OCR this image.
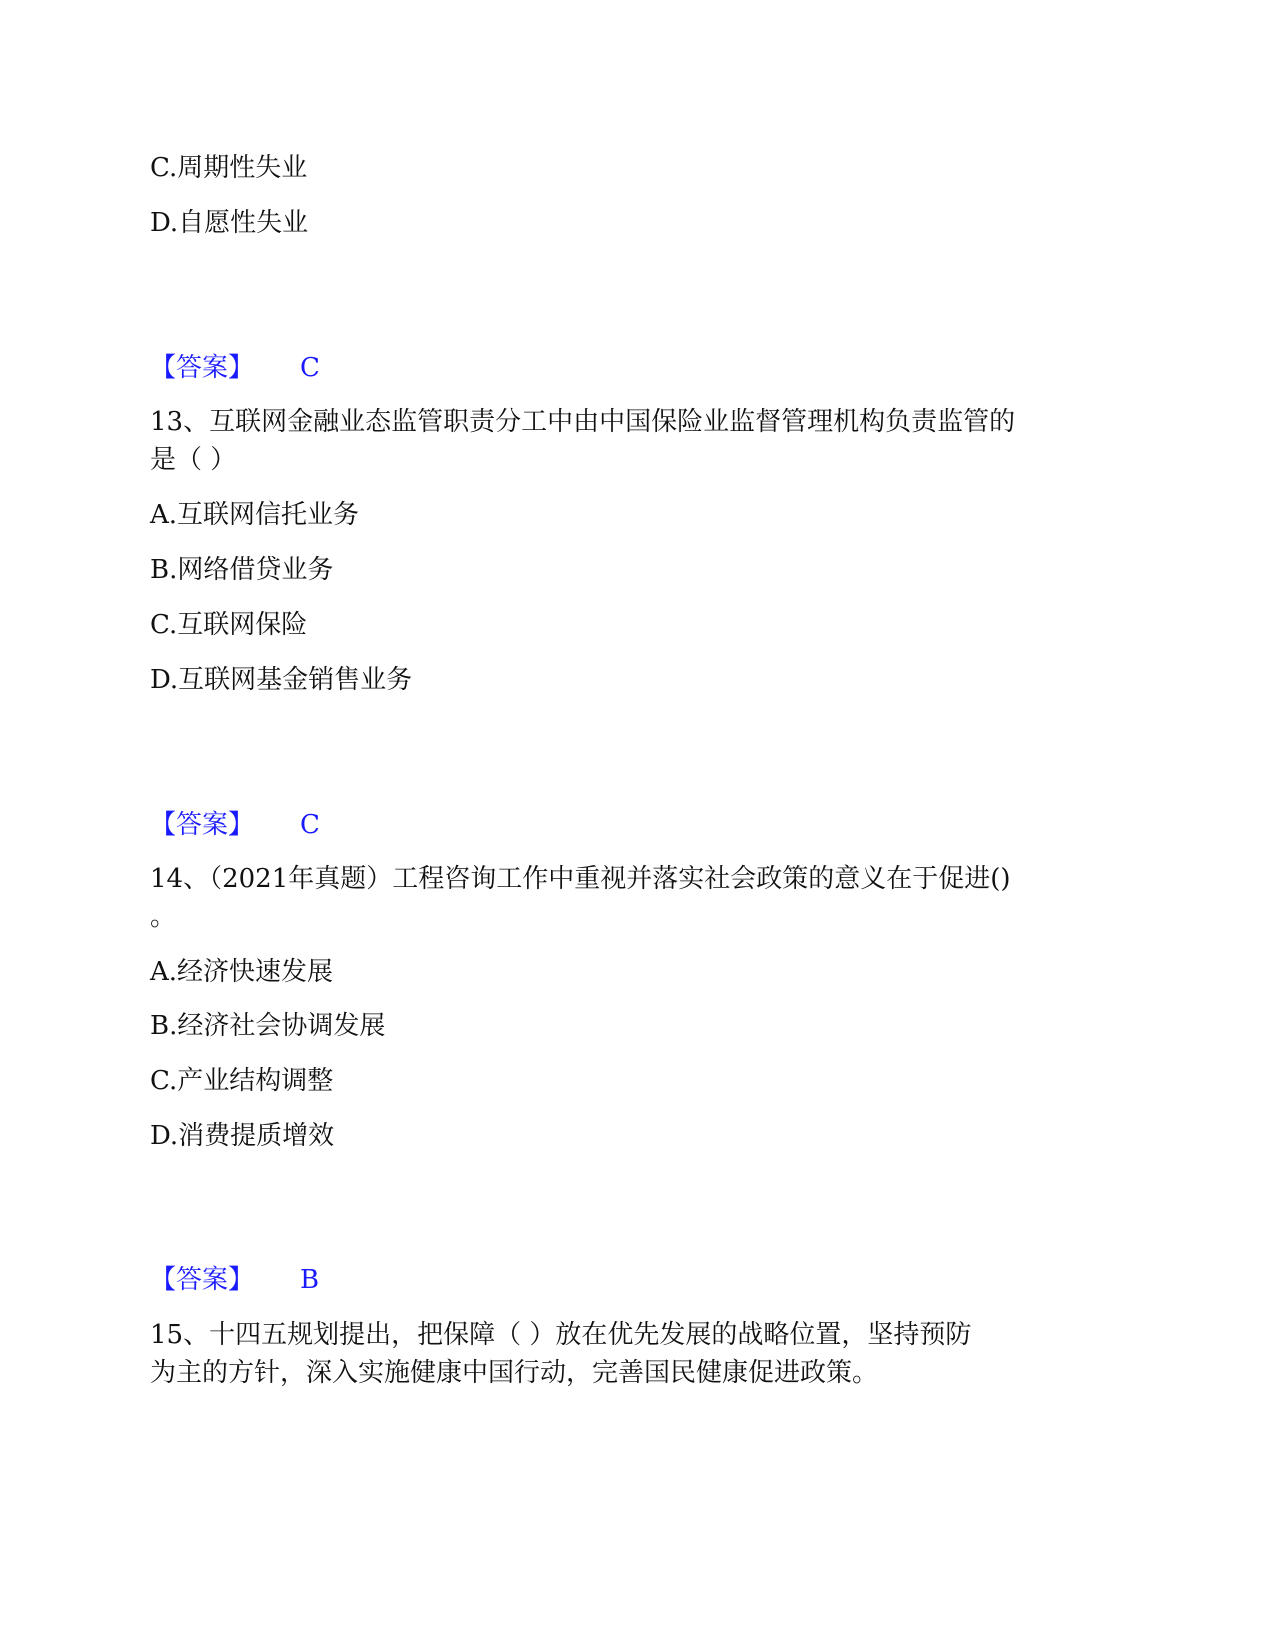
C.周期性失业
D.自愿性失业
【答案】 C
13、互联网金融业态监管职责分工中由中国保险业监督管理机构负责监管的
是（ ）
A.互联网信托业务
B.网络借贷业务
C.互联网保险
D.互联网基金销售业务
【答案】 C
14、（2021年真题）工程咨询工作中重视并落实社会政策的意义在于促进()
。
A.经济快速发展
B.经济社会协调发展
C.产业结构调整
D.消费提质增效
【答案】 B
15、十四五规划提出，把保障（ ）放在优先发展的战略位置，坚持预防
为主的方针，深入实施健康中国行动，完善国民健康促进政策。
